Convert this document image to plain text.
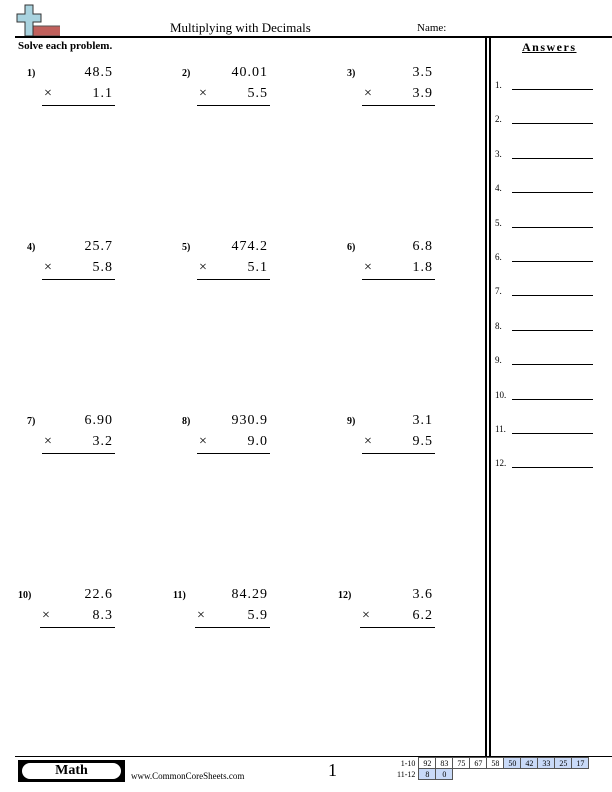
Multiplying with Decimals	Name:
Solve each problem.	Answers
1)	48.5
×	1.1
2)	40.01
×	5.5
3)	3.5
×	3.9
4)	25.7
×	5.8
5)	474.2
×	5.1
6)	6.8
×	1.8
7)	6.90
×	3.2
8)	930.9
×	9.0
9)	3.1
×	9.5
10)	22.6
×	8.3
11)	84.29
×	5.9
12)	3.6
×	6.2
1.
2.
3.
4.
5.
6.
7.
8.
9.
10.
11.
12.
Math	www.CommonCoreSheets.com	1	1-10	92	83	75	67	58	50	42	33	25	17
11-12	8	0								
